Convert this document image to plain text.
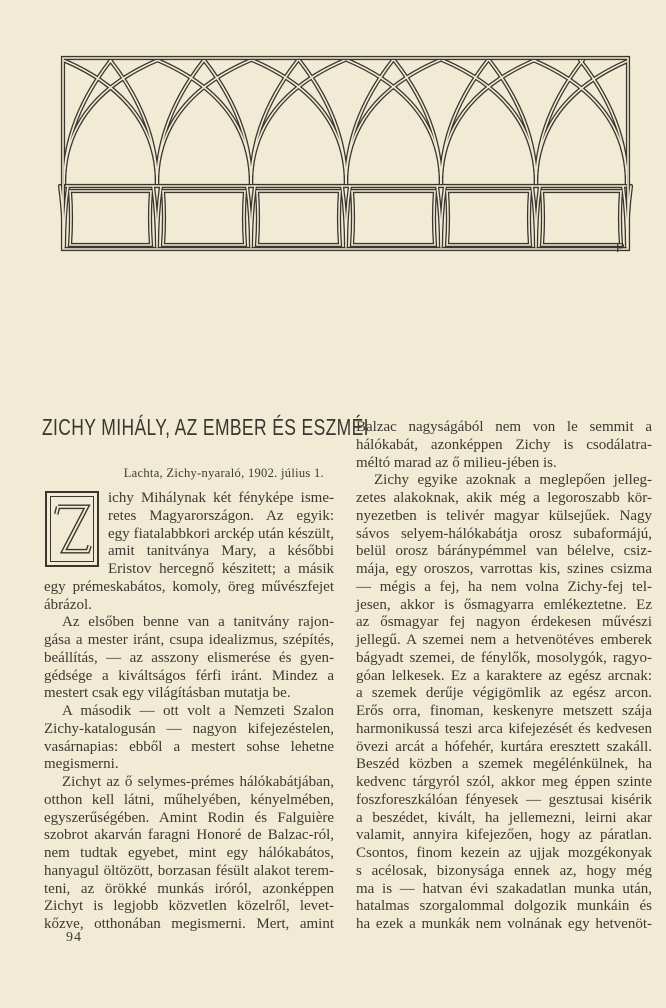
P
ZICHY MIHÁLY, AZ EMBER ÉS ESZMÉI
Lachta, Zichy-nyaraló, 1902. július 1.
ichy Mihálynak két fényképe isme-
retes Magyarországon. Az egyik:
egy fiatalabbkori arckép után készült,
amit tanitványa Mary, a későbbi
Eristov hercegnő készitett; a másik
egy prémeskabátos, komoly, öreg művészfejet
ábrázol.
Az elsőben benne van a tanitvány rajon-
gása a mester iránt, csupa idealizmus, szépítés,
beállítás, — az asszony elismerése és gyen-
gédsége a kiváltságos férfi iránt. Mindez a
mestert csak egy világításban mutatja be.
A második — ott volt a Nemzeti Szalon
Zichy-katalogusán — nagyon kifejezéstelen,
vasárnapias: ebből a mestert sohse lehetne
megismerni.
Zichyt az ő selymes-prémes hálókabátjában,
otthon kell látni, műhelyében, kényelmében,
egyszerűségében. Amint Rodin és Falguière
szobrot akarván faragni Honoré de Balzac-ról,
nem tudtak egyebet, mint egy hálókabátos,
hanyagul öltözött, borzasan fésült alakot terem-
teni, az örökké munkás iróról, azonképpen
Zichyt is legjobb közvetlen közelről, levet-
kőzve, otthonában megismerni. Mert, amint
Balzac nagyságából nem von le semmit a
hálókabát, azonképpen Zichy is csodálatra-
méltó marad az ő milieu-jében is.
Zichy egyike azoknak a meglepően jelleg-
zetes alakoknak, akik még a legoroszabb kör-
nyezetben is telivér magyar külsejűek. Nagy
sávos selyem-hálókabátja orosz subaformájú,
belül orosz báránypémmel van bélelve, csiz-
mája, egy oroszos, varrottas kis, szines csizma
— mégis a fej, ha nem volna Zichy-fej tel-
jesen, akkor is ősmagyarra emlékeztetne. Ez
az ősmagyar fej nagyon érdekesen művészi
jellegű. A szemei nem a hetvenötéves emberek
bágyadt szemei, de fénylők, mosolygók, ragyo-
góan lelkesek. Ez a karaktere az egész arcnak:
a szemek derűje végigömlik az egész arcon.
Erős orra, finoman, keskenyre metszett szája
harmonikussá teszi arca kifejezését és kedvesen
övezi arcát a hófehér, kurtára eresztett szakáll.
Beszéd közben a szemek megélénkülnek, ha
kedvenc tárgyról szól, akkor meg éppen szinte
foszforeszkálóan fényesek — gesztusai kisérik
a beszédet, kivált, ha jellemezni, leirni akar
valamit, annyira kifejezően, hogy az páratlan.
Csontos, finom kezein az ujjak mozgékonyak
s acélosak, bizonysága ennek az, hogy még
ma is — hatvan évi szakadatlan munka után,
hatalmas szorgalommal dolgozik munkáin és
ha ezek a munkák nem volnának egy hetvenöt-
94
